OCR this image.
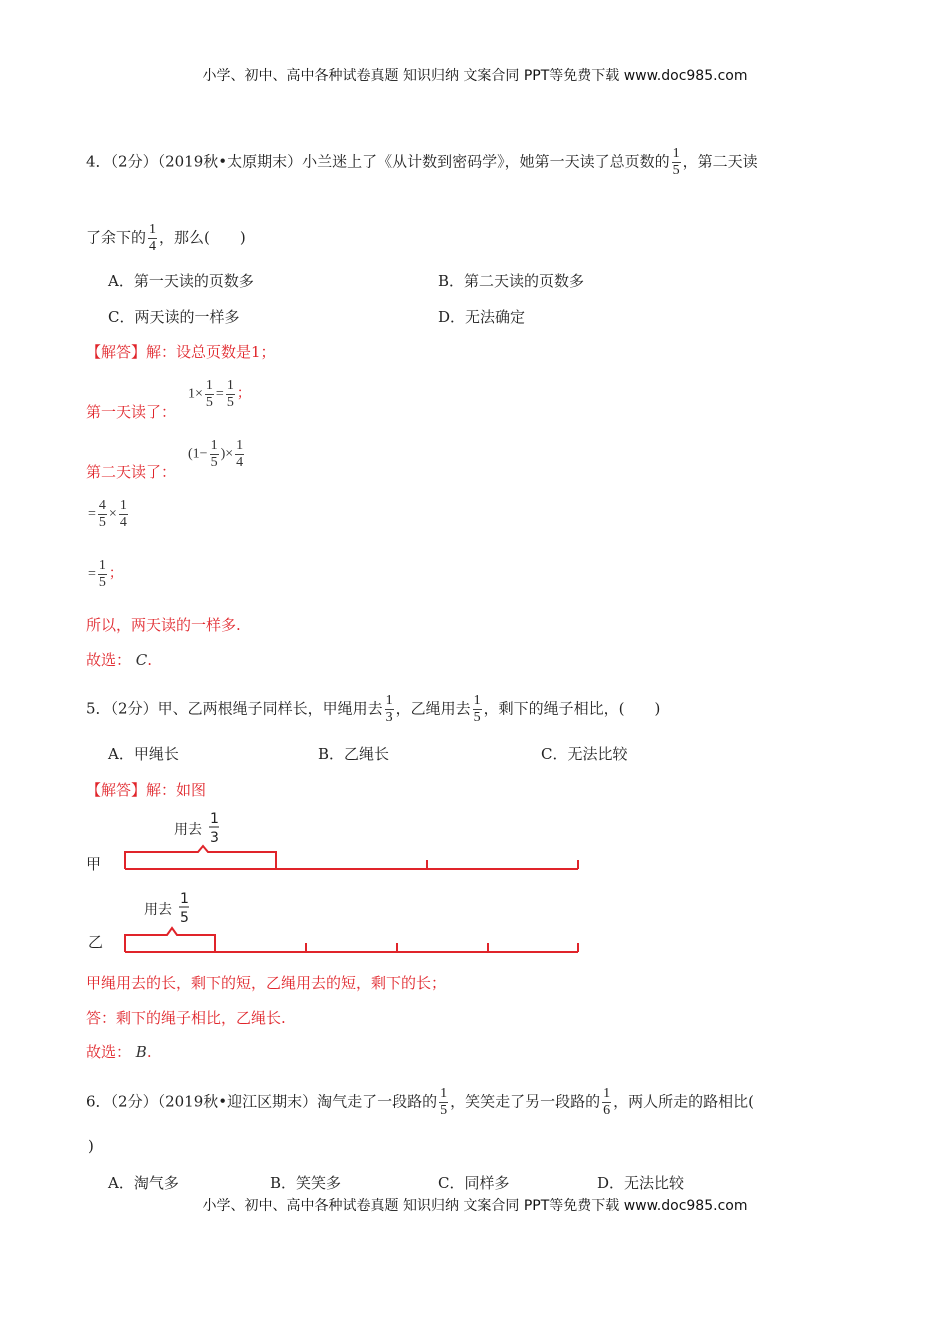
小学、初中、高中各种试卷真题 知识归纳 文案合同 PPT等免费下载 www.doc985.com
4．（2分）（2019秋•太原期末）小兰迷上了《从计数到密码学》，她第一天读了总页数的 $\frac{1}{5}$ ，第二天读
了余下的 $\frac{1}{4}$ ，那么(　　)
A．第一天读的页数多	B．第二天读的页数多
C．两天读的一样多	D．无法确定
【解答】解：设总页数是1；
第一天读了：
$1\times \frac{1}{5} = \frac{1}{5}$ ；
第二天读了：
($1- \frac{1}{5}$ )× $\frac{1}{4}$
= $\frac{4}{5} \times \frac{1}{4}$
= $\frac{1}{5}$ ；
所以，两天读的一样多.
故选： C.
5．（2分）甲、乙两根绳子同样长，甲绳用去 $\frac{1}{3}$ ，乙绳用去 $\frac{1}{5}$ ，剩下的绳子相比，(　　)
A．甲绳长	B．乙绳长	C．无法比较
【解答】解：如图
甲
用去
1
3
乙
用去
1
5
甲绳用去的长，剩下的短，乙绳用去的短，剩下的长；
答：剩下的绳子相比，乙绳长.
故选： B.
6．（2分）（2019秋•迎江区期末）淘气走了一段路的 $\frac{1}{5}$ ，笑笑走了另一段路的 $\frac{1}{6}$ ，两人所走的路相比(
)
A．淘气多	B．笑笑多	C．同样多	D．无法比较
小学、初中、高中各种试卷真题 知识归纳 文案合同 PPT等免费下载 www.doc985.com
